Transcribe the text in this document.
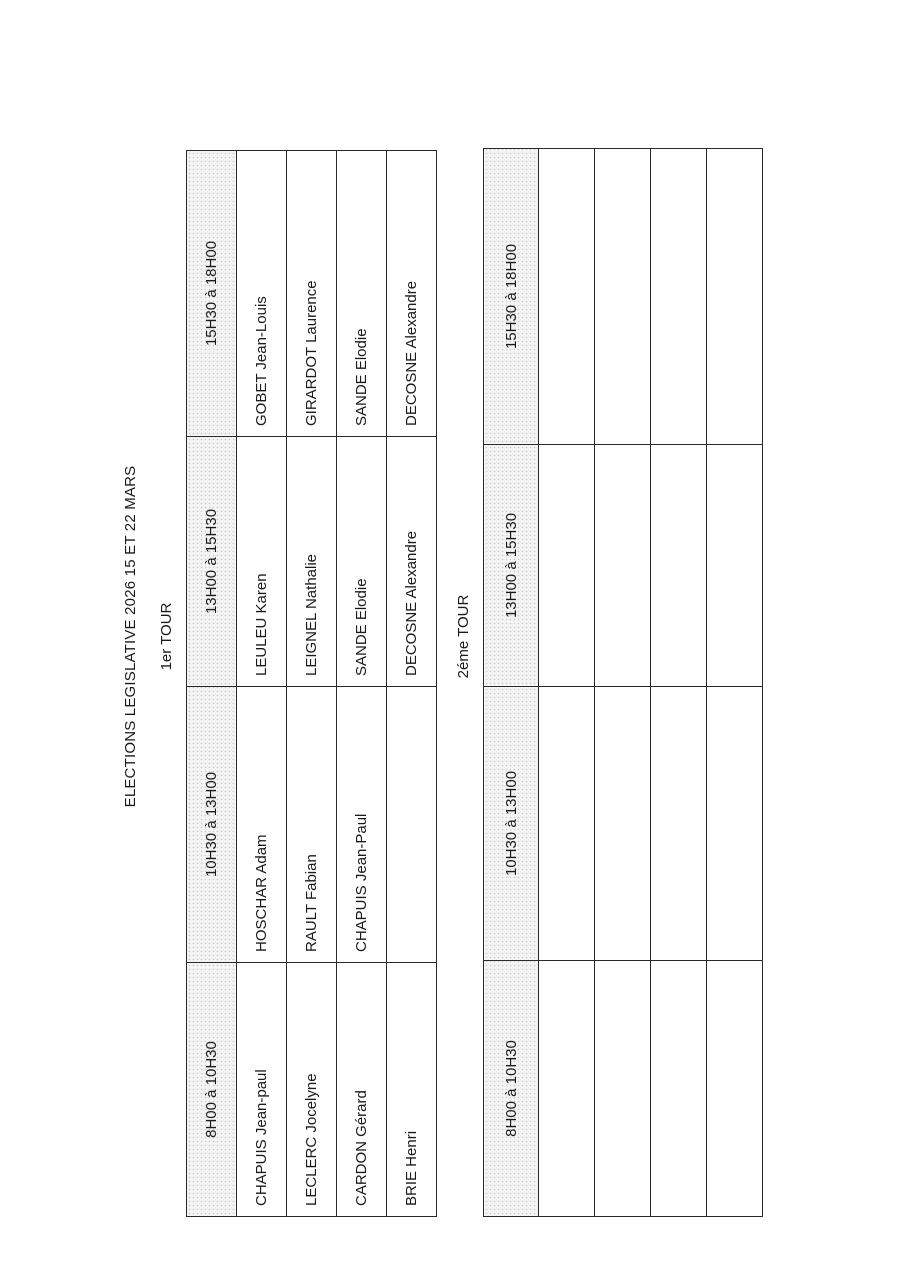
ELECTIONS LEGISLATIVE 2026 15 ET 22 MARS 1er TOUR
8H00 à 10H30	10H30 à 13H00	13H00 à 15H30	15H30 à 18H00
CHAPUIS Jean-paul	HOSCHAR Adam	LEULEU Karen	GOBET Jean-Louis
LECLERC Jocelyne	RAULT Fabian	LEIGNEL Nathalie	GIRARDOT Laurence
CARDON Gérard	CHAPUIS Jean-Paul	SANDE Elodie	SANDE Elodie
BRIE Henri		DECOSNE Alexandre	DECOSNE Alexandre
2éme TOUR
8H00 à 10H30	10H30 à 13H00	13H00 à 15H30	15H30 à 18H00
